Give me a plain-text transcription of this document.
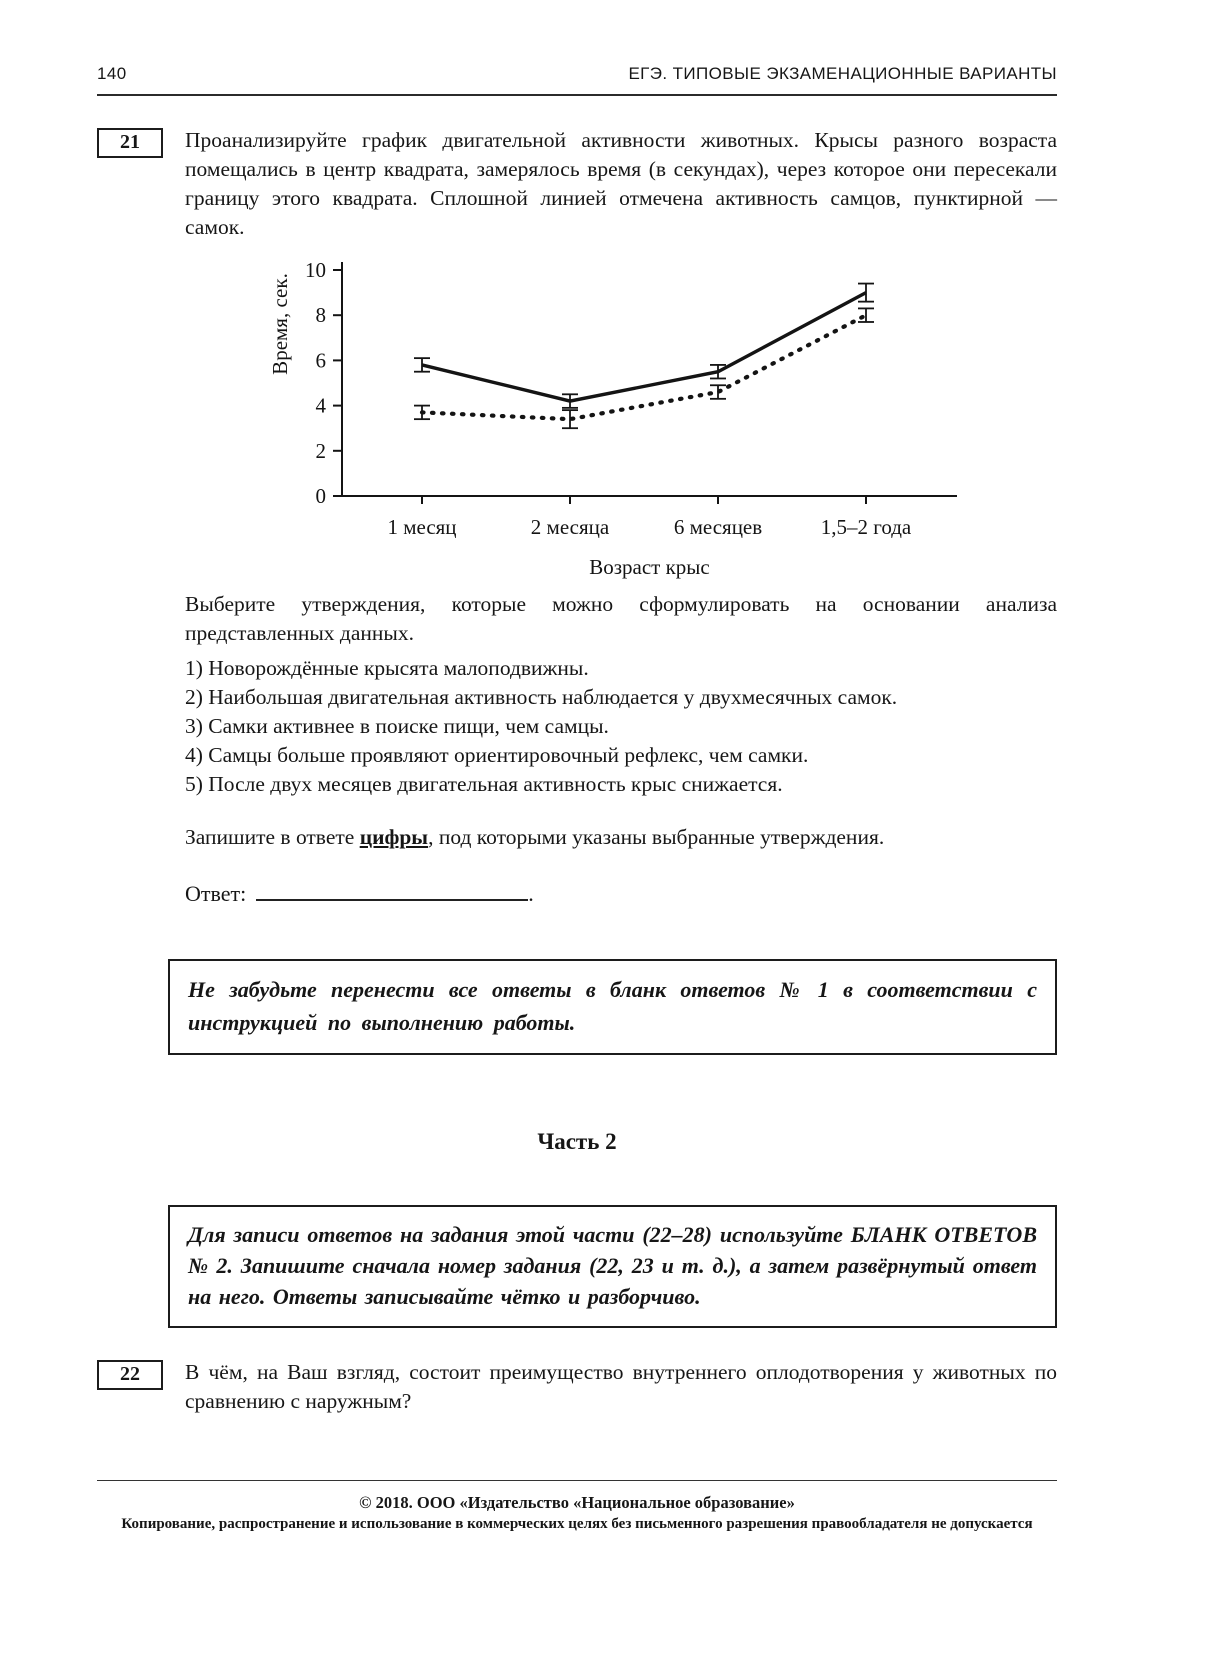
140	ЕГЭ. ТИПОВЫЕ ЭКЗАМЕНАЦИОННЫЕ ВАРИАНТЫ
21	Проанализируйте график двигательной активности животных. Крысы разного возраста помещались в центр квадрата, замерялось время (в секундах), через которое они пересекали границу этого квадрата. Сплошной линией отмечена активность самцов, пунктирной — самок.

0
2
4
6
8
10
1 месяц	2 месяца	6 месяцев	1,5–2 года
Время, сек.
Возраст крыс

Выберите утверждения, которые можно сформулировать на основании анализа представленных данных.

1) Новорождённые крысята малоподвижны.
2) Наибольшая двигательная активность наблюдается у двухмесячных самок.
3) Самки активнее в поиске пищи, чем самцы.
4) Самцы больше проявляют ориентировочный рефлекс, чем самки.
5) После двух месяцев двигательная активность крыс снижается.

Запишите в ответе цифры, под которыми указаны выбранные утверждения.

Ответ:	.

Не забудьте перенести все ответы в бланк ответов № 1 в соответствии с инструкцией по выполнению работы.
Часть 2
Для записи ответов на задания этой части (22–28) используйте БЛАНК ОТВЕТОВ № 2. Запишите сначала номер задания (22, 23 и т. д.), а затем развёрнутый ответ на него. Ответы записывайте чётко и разборчиво.
22	В чём, на Ваш взгляд, состоит преимущество внутреннего оплодотворения у животных по сравнению с наружным?

© 2018. ООО «Издательство «Национальное образование»
Копирование, распространение и использование в коммерческих целях без письменного разрешения правообладателя не допускается
